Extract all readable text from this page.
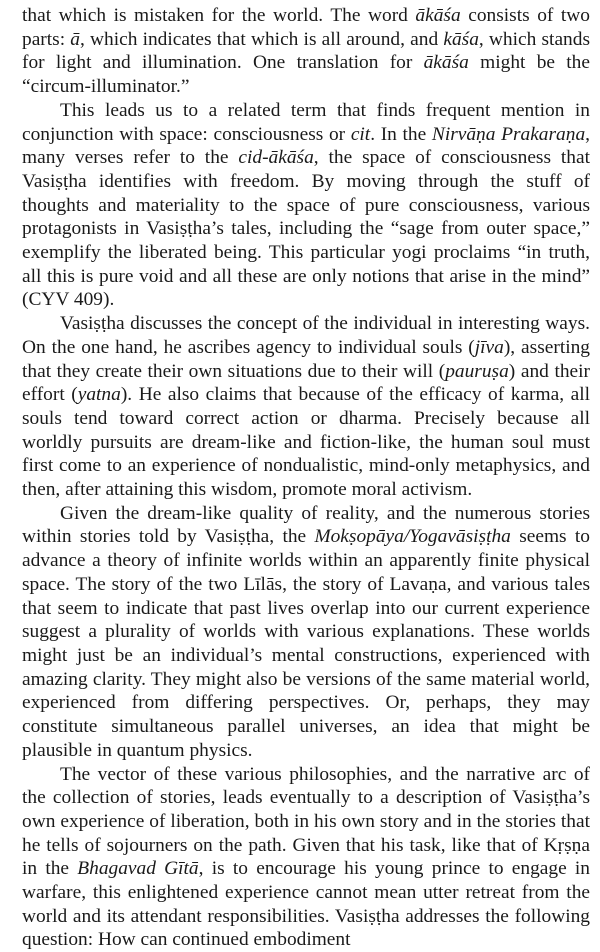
that which is mistaken for the world. The word ākāśa consists of two parts: ā, which indicates that which is all around, and kāśa, which stands for light and illumination. One translation for ākāśa might be the “circum-illuminator.”

This leads us to a related term that finds frequent mention in conjunction with space: consciousness or cit. In the Nirvāṇa Prakaraṇa, many verses refer to the cid-ākāśa, the space of consciousness that Vasiṣṭha identifies with freedom. By moving through the stuff of thoughts and materiality to the space of pure consciousness, various protagonists in Vasiṣṭha’s tales, including the “sage from outer space,” exemplify the liberated being. This particular yogi proclaims “in truth, all this is pure void and all these are only notions that arise in the mind” (CYV 409).

Vasiṣṭha discusses the concept of the individual in interesting ways. On the one hand, he ascribes agency to individual souls (jīva), asserting that they create their own situations due to their will (pauruṣa) and their effort (yatna). He also claims that because of the efficacy of karma, all souls tend toward correct action or dharma. Precisely because all worldly pursuits are dream-like and fiction-like, the human soul must first come to an experience of nondualistic, mind-only metaphysics, and then, after attaining this wisdom, promote moral activism.

Given the dream-like quality of reality, and the numerous stories within stories told by Vasiṣṭha, the Mokṣopāya/Yogavāsiṣṭha seems to advance a theory of infinite worlds within an apparently finite physical space. The story of the two Līlās, the story of Lavaṇa, and various tales that seem to indicate that past lives overlap into our current experience suggest a plurality of worlds with various explanations. These worlds might just be an individual’s mental constructions, experienced with amazing clarity. They might also be versions of the same material world, experienced from differing perspectives. Or, perhaps, they may constitute simultaneous parallel universes, an idea that might be plausible in quantum physics.

The vector of these various philosophies, and the narrative arc of the collection of stories, leads eventually to a description of Vasiṣṭha’s own experience of liberation, both in his own story and in the stories that he tells of sojourners on the path. Given that his task, like that of Kṛṣṇa in the Bhagavad Gītā, is to encourage his young prince to engage in warfare, this enlightened experience cannot mean utter retreat from the world and its attendant responsibilities. Vasiṣṭha addresses the following question: How can continued embodiment
